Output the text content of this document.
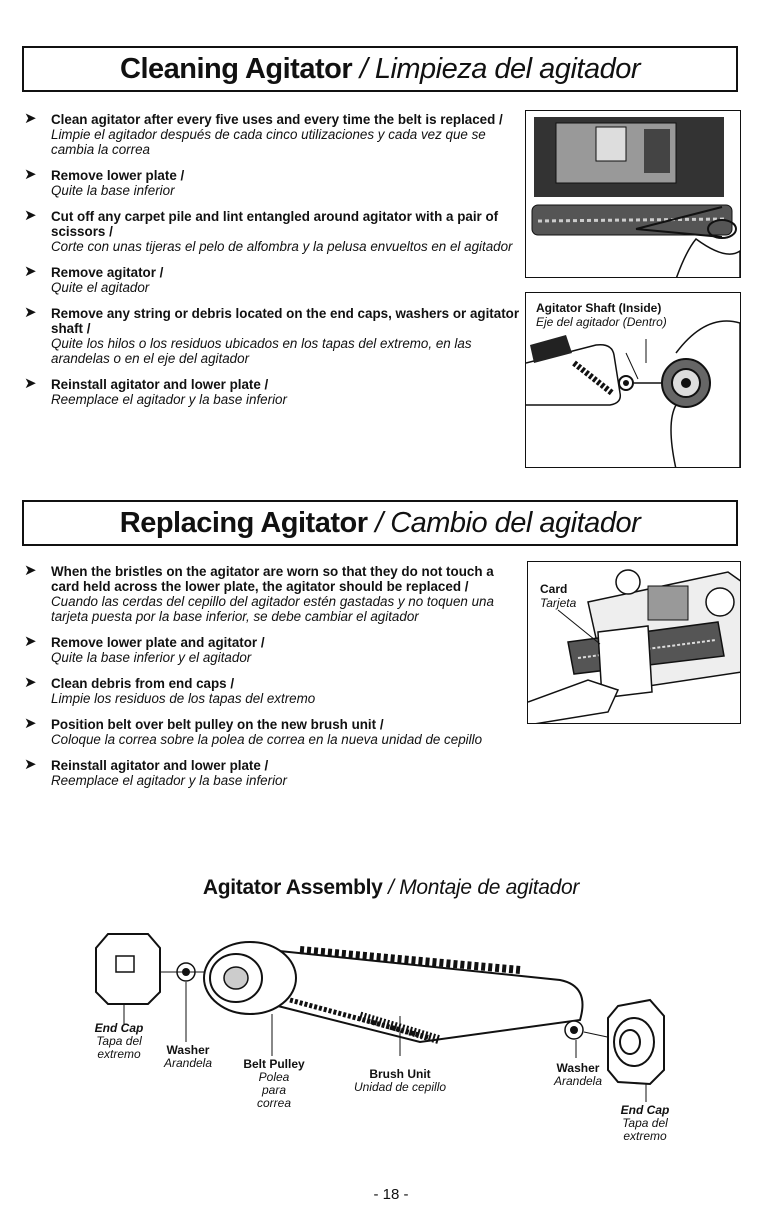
Cleaning Agitator
/
Limpieza del agitador
➤ Clean agitator after every five uses and every time the belt is replaced /
Limpie el agitador después de cada cinco utilizaciones y cada vez que se cambia la correa
➤ Remove lower plate /
Quite la base inferior
➤ Cut off any carpet pile and lint entangled around agitator with a pair of scissors /
Corte con unas tijeras el pelo de alfombra y la pelusa envueltos en el agitador
➤ Remove agitator /
Quite el agitador
➤ Remove any string or debris located on the end caps, washers or agitator shaft /
Quite los hilos o los residuos ubicados en los tapas del extremo, en las arandelas o en el eje del agitador
➤ Reinstall agitator and lower plate /
Reemplace el agitador y la base inferior
Agitator Shaft (Inside)
Eje del agitador (Dentro)
Replacing Agitator
/
Cambio del agitador
➤ When the bristles on the agitator are worn so that they do not touch a card held across the lower plate, the agitator should be replaced /
Cuando las cerdas del cepillo del agitador estén gastadas y no toquen una tarjeta puesta por la base inferior, se debe cambiar el agitador
➤ Remove lower plate and agitator /
Quite la base inferior y el agitador
➤ Clean debris from end caps /
Limpie los residuos de los tapas del extremo
➤ Position belt over belt pulley on the new brush unit /
Coloque la correa sobre la polea de correa en la nueva unidad de cepillo
➤ Reinstall agitator and lower plate /
Reemplace el agitador y la base inferior
Card
Tarjeta
Agitator Assembly / Montaje de agitador
End Cap
Tapa del extremo	Washer
Arandela	Belt Pulley
Polea para correa
Brush Unit
Unidad de cepillo
Washer
Arandela
End Cap
Tapa del extremo
- 18 -
